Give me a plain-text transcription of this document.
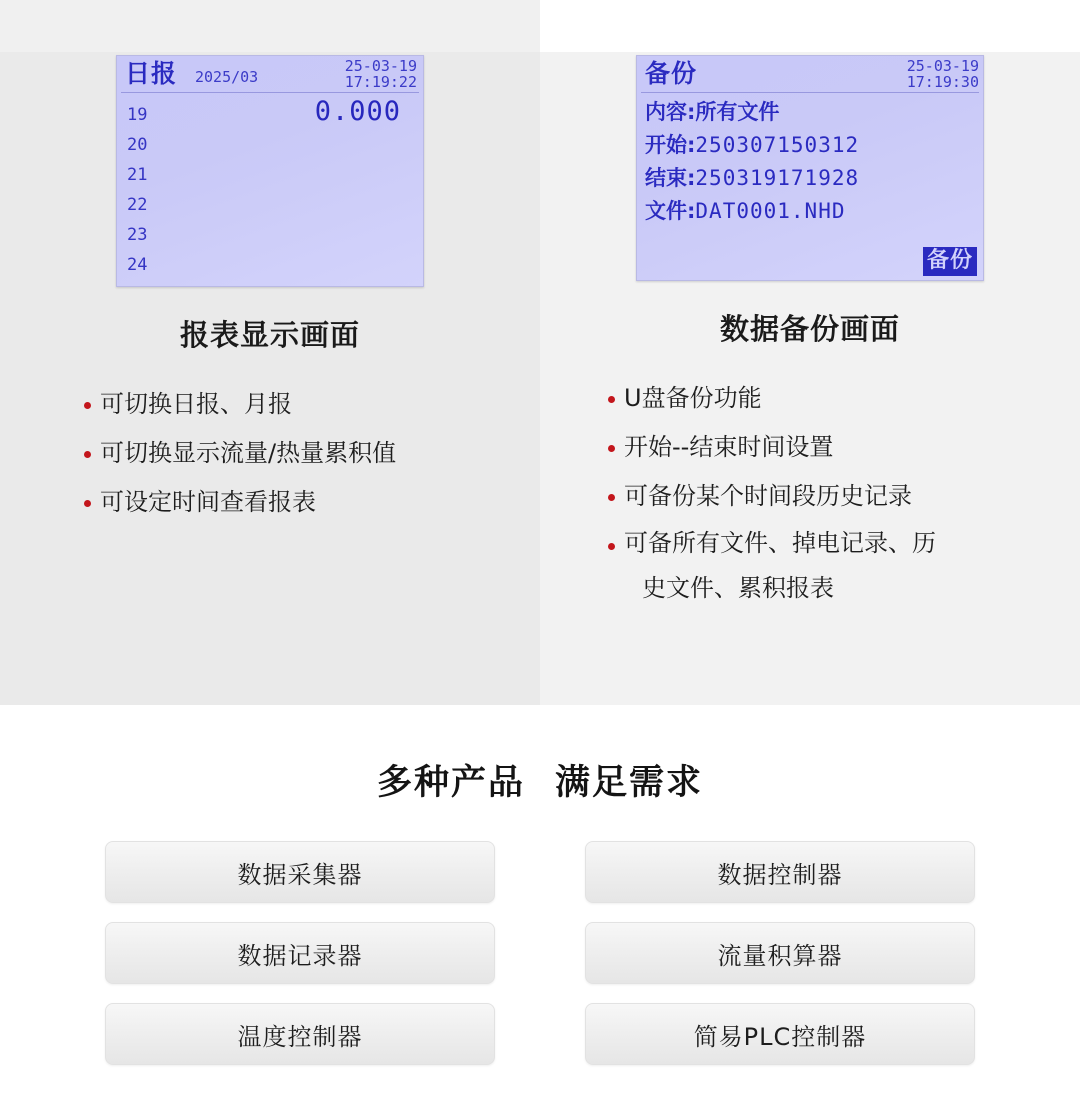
日报 2025/03
25-03-19
17:19:22
0.000
19
20
21
22
23
24
报表显示画面
可切换日报、月报
可切换显示流量/热量累积值
可设定时间查看报表
备份	25-03-19
17:19:30
内容:所有文件
开始:250307150312
结束:250319171928
文件:DAT0001.NHD
备份
数据备份画面
U盘备份功能
开始--结束时间设置
可备份某个时间段历史记录
可备所有文件、掉电记录、历
史文件、累积报表
多种产品 满足需求
数据采集器
数据记录器
温度控制器
数据控制器
流量积算器
简易PLC控制器
